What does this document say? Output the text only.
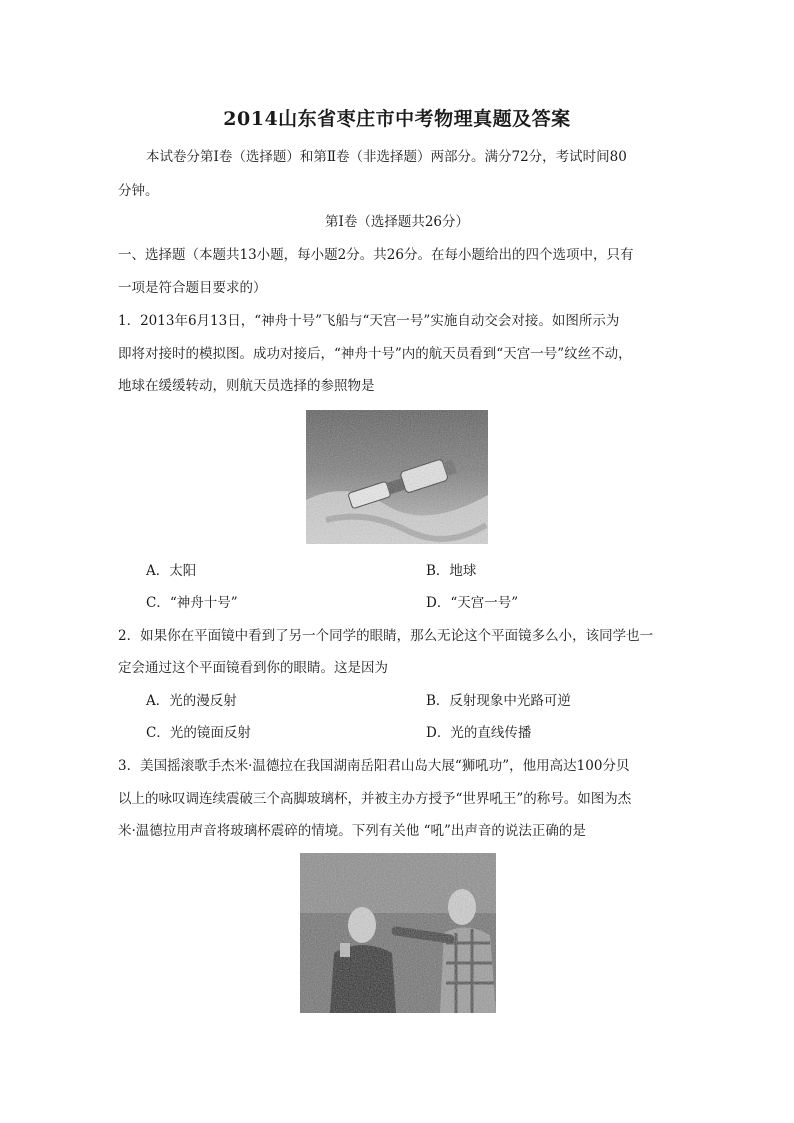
2014山东省枣庄市中考物理真题及答案
本试卷分第Ⅰ卷（选择题）和第Ⅱ卷（非选择题）两部分。满分72分，考试时间80
分钟。
第Ⅰ卷（选择题共26分）
一、选择题（本题共13小题，每小题2分。共26分。在每小题给出的四个选项中，只有
一项是符合题目要求的）
1．2013年6月13日，“神舟十号”飞船与“天宫一号”实施自动交会对接。如图所示为
即将对接时的模拟图。成功对接后，“神舟十号”内的航天员看到“天宫一号”纹丝不动，
地球在缓缓转动，则航天员选择的参照物是
A．太阳	B．地球
C．“神舟十号”	D．“天宫一号”
2．如果你在平面镜中看到了另一个同学的眼睛，那么无论这个平面镜多么小，该同学也一
定会通过这个平面镜看到你的眼睛。这是因为
A．光的漫反射	B．反射现象中光路可逆
C．光的镜面反射	D．光的直线传播
3．美国摇滚歌手杰米·温德拉在我国湖南岳阳君山岛大展“狮吼功”，他用高达100分贝
以上的咏叹调连续震破三个高脚玻璃杯，并被主办方授予“世界吼王”的称号。如图为杰
米·温德拉用声音将玻璃杯震碎的情境。下列有关他 “吼”出声音的说法正确的是
